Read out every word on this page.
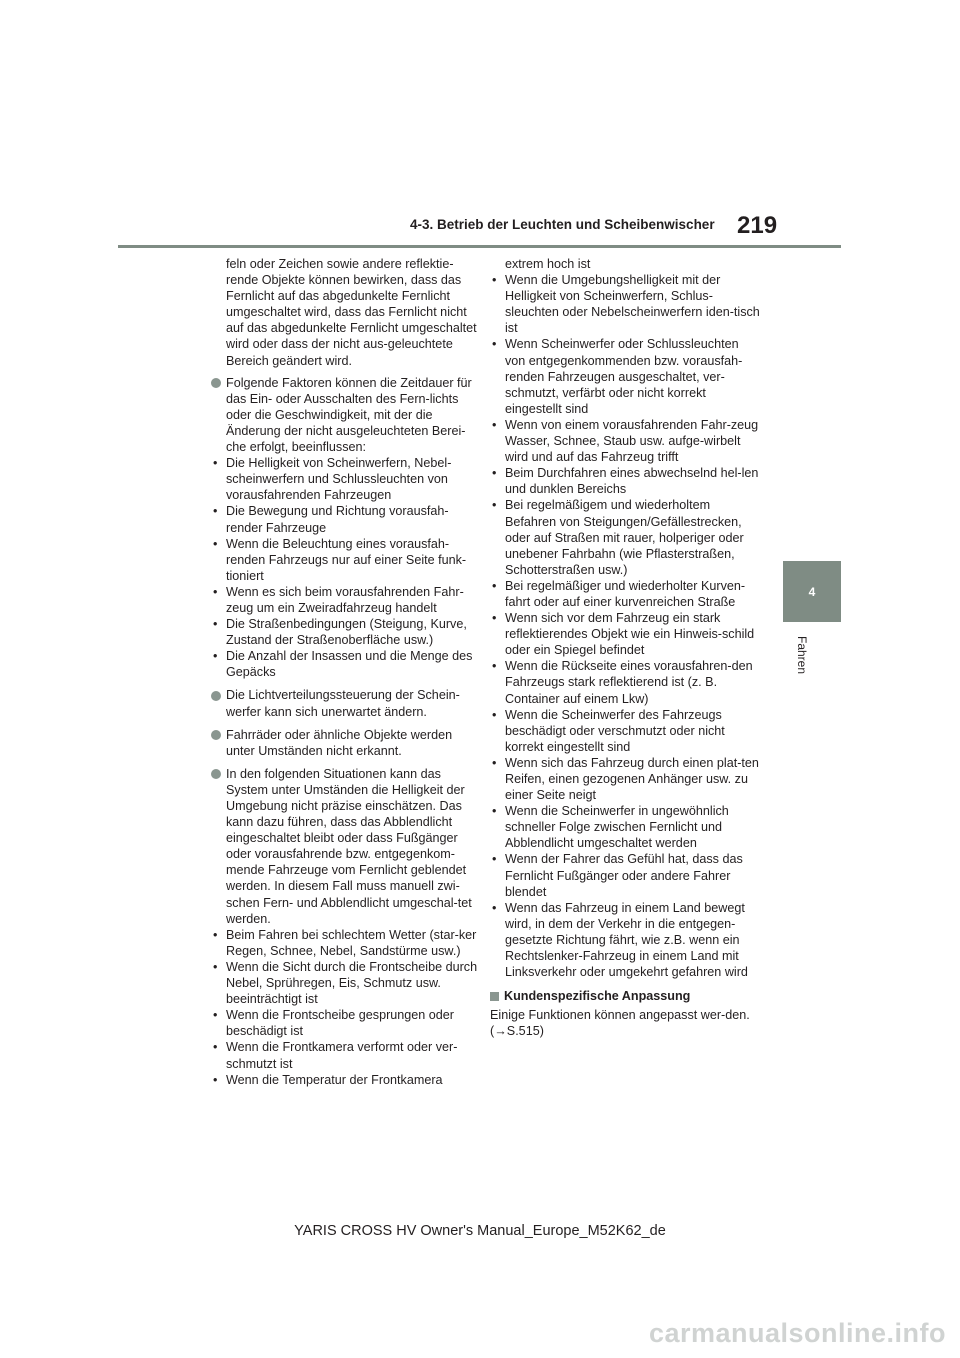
4-3. Betrieb der Leuchten und Scheibenwischer 219
4
Fahren

feln oder Zeichen sowie andere reflektie-rende Objekte können bewirken, dass das Fernlicht auf das abgedunkelte Fernlicht umgeschaltet wird, dass das Fernlicht nicht auf das abgedunkelte Fernlicht umgeschaltet wird oder dass der nicht aus-geleuchtete Bereich geändert wird.

Folgende Faktoren können die Zeitdauer für das Ein- oder Ausschalten des Fern-lichts oder die Geschwindigkeit, mit der die Änderung der nicht ausgeleuchteten Berei-che erfolgt, beeinflussen:
• Die Helligkeit von Scheinwerfern, Nebel-scheinwerfern und Schlussleuchten von vorausfahrenden Fahrzeugen
• Die Bewegung und Richtung vorausfah-render Fahrzeuge
• Wenn die Beleuchtung eines vorausfah-renden Fahrzeugs nur auf einer Seite funk-tioniert
• Wenn es sich beim vorausfahrenden Fahr-zeug um ein Zweiradfahrzeug handelt
• Die Straßenbedingungen (Steigung, Kurve, Zustand der Straßenoberfläche usw.)
• Die Anzahl der Insassen und die Menge des Gepäcks
Die Lichtverteilungssteuerung der Schein-werfer kann sich unerwartet ändern.
Fahrräder oder ähnliche Objekte werden unter Umständen nicht erkannt.
In den folgenden Situationen kann das System unter Umständen die Helligkeit der Umgebung nicht präzise einschätzen. Das kann dazu führen, dass das Abblendlicht eingeschaltet bleibt oder dass Fußgänger oder vorausfahrende bzw. entgegenkom-mende Fahrzeuge vom Fernlicht geblendet werden. In diesem Fall muss manuell zwi-schen Fern- und Abblendlicht umgeschal-tet werden.
• Beim Fahren bei schlechtem Wetter (star-ker Regen, Schnee, Nebel, Sandstürme usw.)
• Wenn die Sicht durch die Frontscheibe durch Nebel, Sprühregen, Eis, Schmutz usw. beeinträchtigt ist
• Wenn die Frontscheibe gesprungen oder beschädigt ist
• Wenn die Frontkamera verformt oder ver-schmutzt ist
• Wenn die Temperatur der Frontkamera
extrem hoch ist
• Wenn die Umgebungshelligkeit mit der Helligkeit von Scheinwerfern, Schlus-sleuchten oder Nebelscheinwerfern iden-tisch ist
• Wenn Scheinwerfer oder Schlussleuchten von entgegenkommenden bzw. vorausfah-renden Fahrzeugen ausgeschaltet, ver-schmutzt, verfärbt oder nicht korrekt eingestellt sind
• Wenn von einem vorausfahrenden Fahr-zeug Wasser, Schnee, Staub usw. aufge-wirbelt wird und auf das Fahrzeug trifft
• Beim Durchfahren eines abwechselnd hel-len und dunklen Bereichs
• Bei regelmäßigem und wiederholtem Befahren von Steigungen/Gefällestrecken, oder auf Straßen mit rauer, holperiger oder unebener Fahrbahn (wie Pflasterstraßen, Schotterstraßen usw.)
• Bei regelmäßiger und wiederholter Kurven-fahrt oder auf einer kurvenreichen Straße
• Wenn sich vor dem Fahrzeug ein stark reflektierendes Objekt wie ein Hinweis-schild oder ein Spiegel befindet
• Wenn die Rückseite eines vorausfahren-den Fahrzeugs stark reflektierend ist (z. B. Container auf einem Lkw)
• Wenn die Scheinwerfer des Fahrzeugs beschädigt oder verschmutzt oder nicht korrekt eingestellt sind
• Wenn sich das Fahrzeug durch einen plat-ten Reifen, einen gezogenen Anhänger usw. zu einer Seite neigt
• Wenn die Scheinwerfer in ungewöhnlich schneller Folge zwischen Fernlicht und Abblendlicht umgeschaltet werden
• Wenn der Fahrer das Gefühl hat, dass das Fernlicht Fußgänger oder andere Fahrer blendet
• Wenn das Fahrzeug in einem Land bewegt wird, in dem der Verkehr in die entgegen-gesetzte Richtung fährt, wie z.B. wenn ein Rechtslenker-Fahrzeug in einem Land mit Linksverkehr oder umgekehrt gefahren wird
Kundenspezifische Anpassung
Einige Funktionen können angepasst wer-den. (→S.515)
YARIS CROSS HV Owner's Manual_Europe_M52K62_de
carmanualsonline.info
